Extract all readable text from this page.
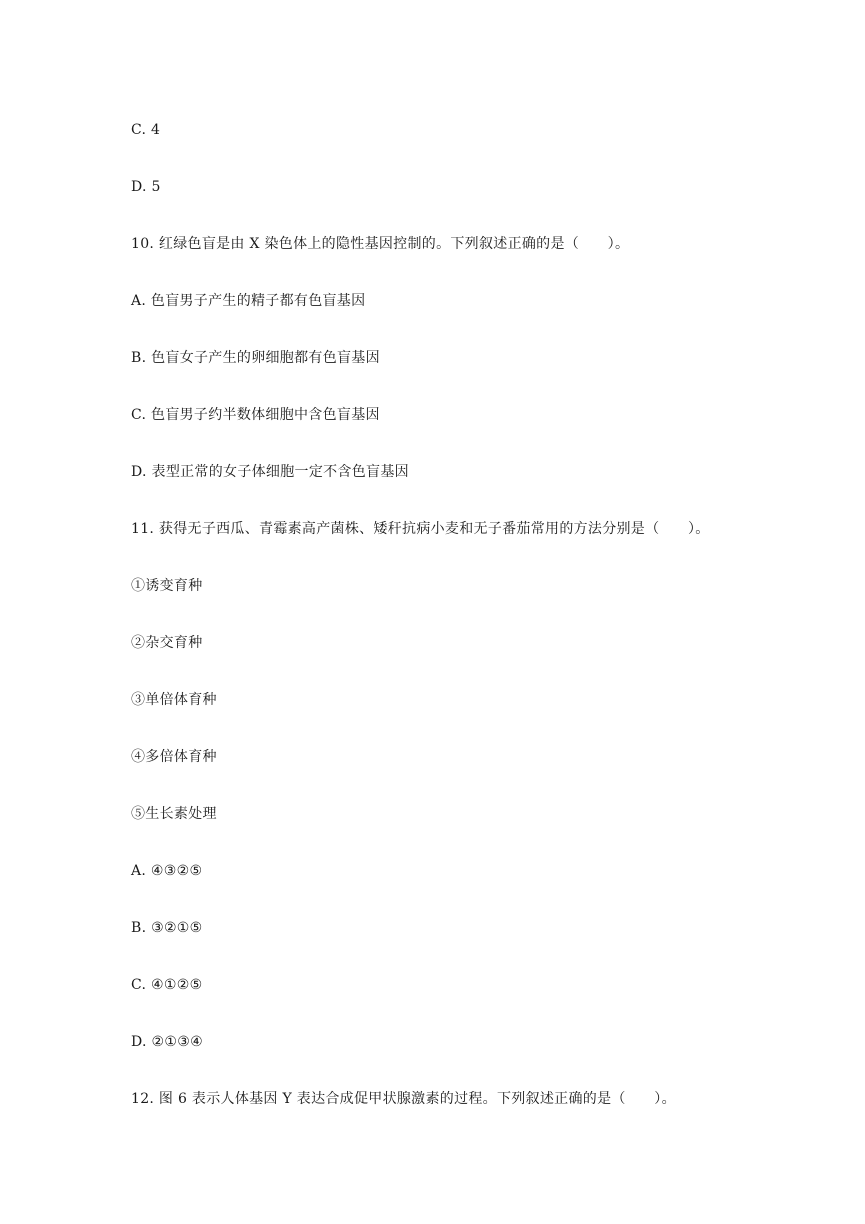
C. 4
D. 5
10. 红绿色盲是由 X 染色体上的隐性基因控制的。下列叙述正确的是（　　）。
A. 色盲男子产生的精子都有色盲基因
B. 色盲女子产生的卵细胞都有色盲基因
C. 色盲男子约半数体细胞中含色盲基因
D. 表型正常的女子体细胞一定不含色盲基因
11. 获得无子西瓜、青霉素高产菌株、矮秆抗病小麦和无子番茄常用的方法分别是（　　）。
①诱变育种
②杂交育种
③单倍体育种
④多倍体育种
⑤生长素处理
A. ④③②⑤
B. ③②①⑤
C. ④①②⑤
D. ②①③④
12. 图 6 表示人体基因 Y 表达合成促甲状腺激素的过程。下列叙述正确的是（　　）。
